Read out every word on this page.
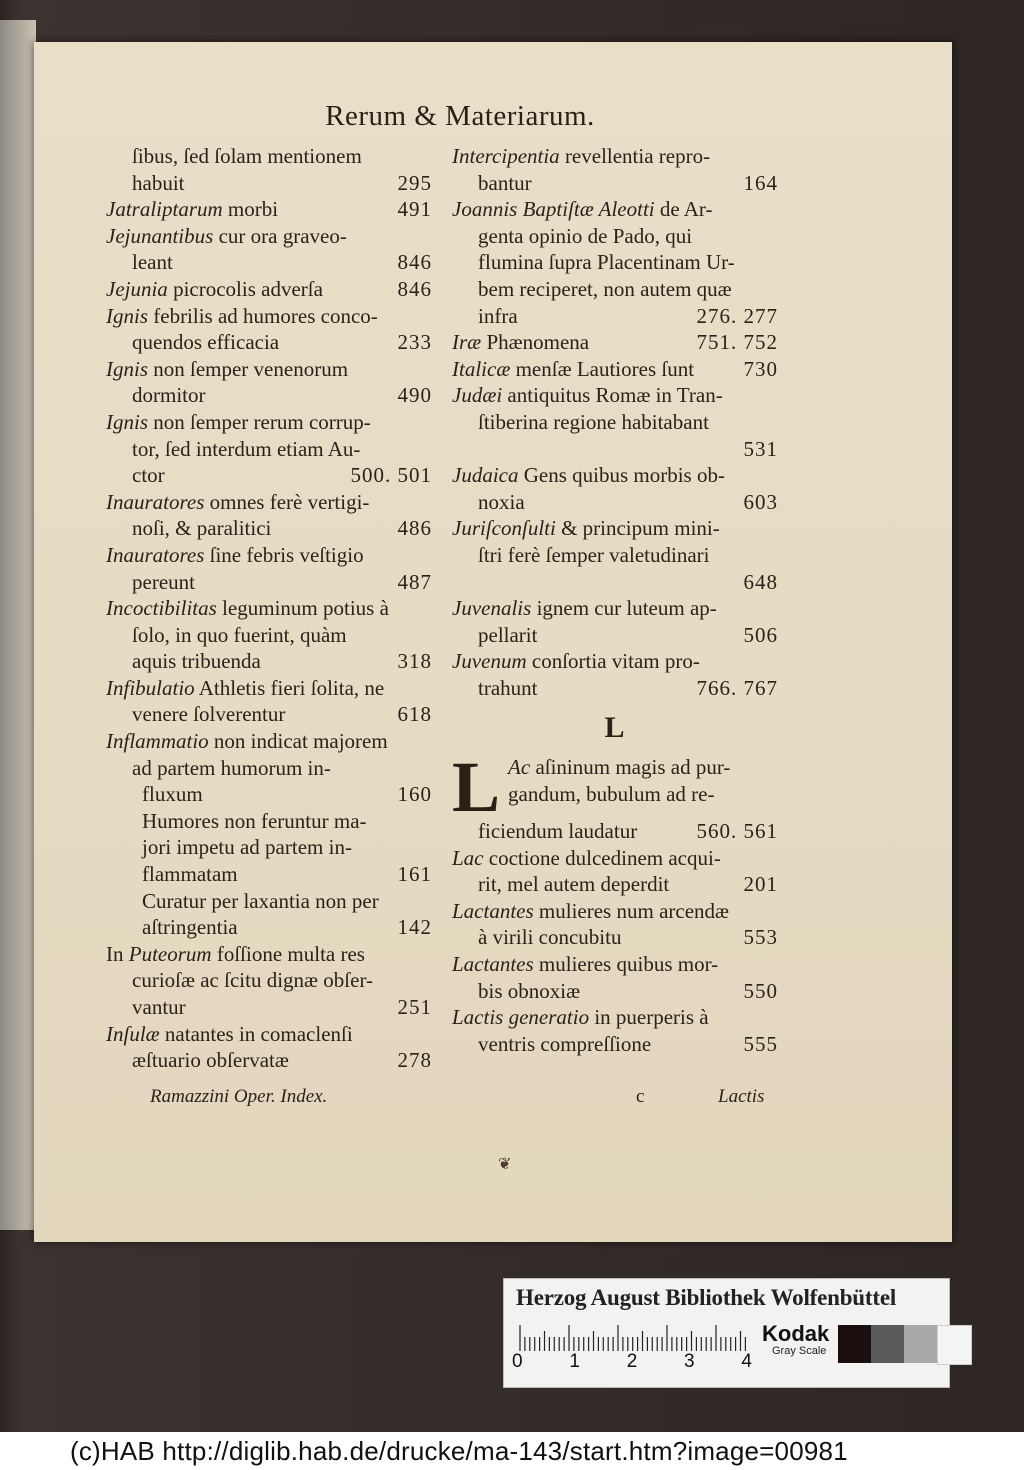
Rerum & Materiarum.
ſibus, ſed ſolam mentionem
habuit	295
Jatraliptarum morbi	491
Jejunantibus cur ora graveo-
leant	846
Jejunia picrocolis adverſa	846
Ignis febrilis ad humores conco-
quendos efficacia	233
Ignis non ſemper venenorum
dormitor	490
Ignis non ſemper rerum corrup-
tor, ſed interdum etiam Au-
ctor	500. 501
Inauratores omnes ferè vertigi-
noſi, & paralitici	486
Inauratores ſine febris veſtigio
pereunt	487
Incoctibilitas leguminum potius à
ſolo, in quo fuerint, quàm
aquis tribuenda	318
Infibulatio Athletis fieri ſolita, ne
venere ſolverentur	618
Inflammatio non indicat majorem
ad partem humorum in-
fluxum	160
Humores non feruntur ma-
jori impetu ad partem in-
flammatam	161
Curatur per laxantia non per
aſtringentia	142
In Puteorum foſſione multa res
curioſæ ac ſcitu dignæ obſer-
vantur	251
Inſulæ natantes in comaclenſi
æſtuario obſervatæ	278
Intercipentia revellentia repro-
bantur	164
Joannis Baptiſtæ Aleotti de Ar-
genta opinio de Pado, qui
flumina ſupra Placentinam Ur-
bem reciperet, non autem quæ
infra	276. 277
Iræ Phænomena	751. 752
Italicæ menſæ Lautiores ſunt 730
Judæi antiquitus Romæ in Tran-
ſtiberina regione habitabant
531
Judaica Gens quibus morbis ob-
noxia	603
Juriſconſulti & principum mini-
ſtri ferè ſemper valetudinari
648
Juvenalis ignem cur luteum ap-
pellarit	506
Juvenum conſortia vitam pro-
trahunt	766. 767
L
L Ac aſininum magis ad pur-
gandum, bubulum ad re-
ficiendum laudatur	560. 561
Lac coctione dulcedinem acqui-
rit, mel autem deperdit	201
Lactantes mulieres num arcendæ
à virili concubitu	553
Lactantes mulieres quibus mor-
bis obnoxiæ	550
Lactis generatio in puerperis à
ventris compreſſione	555
Ramazzini Oper. Index.	c	Lactis
❦
Herzog August Bibliothek Wolfenbüttel
0 1 2 3 4
Kodak
Gray Scale
(c)HAB http://diglib.hab.de/drucke/ma-143/start.htm?image=00981
